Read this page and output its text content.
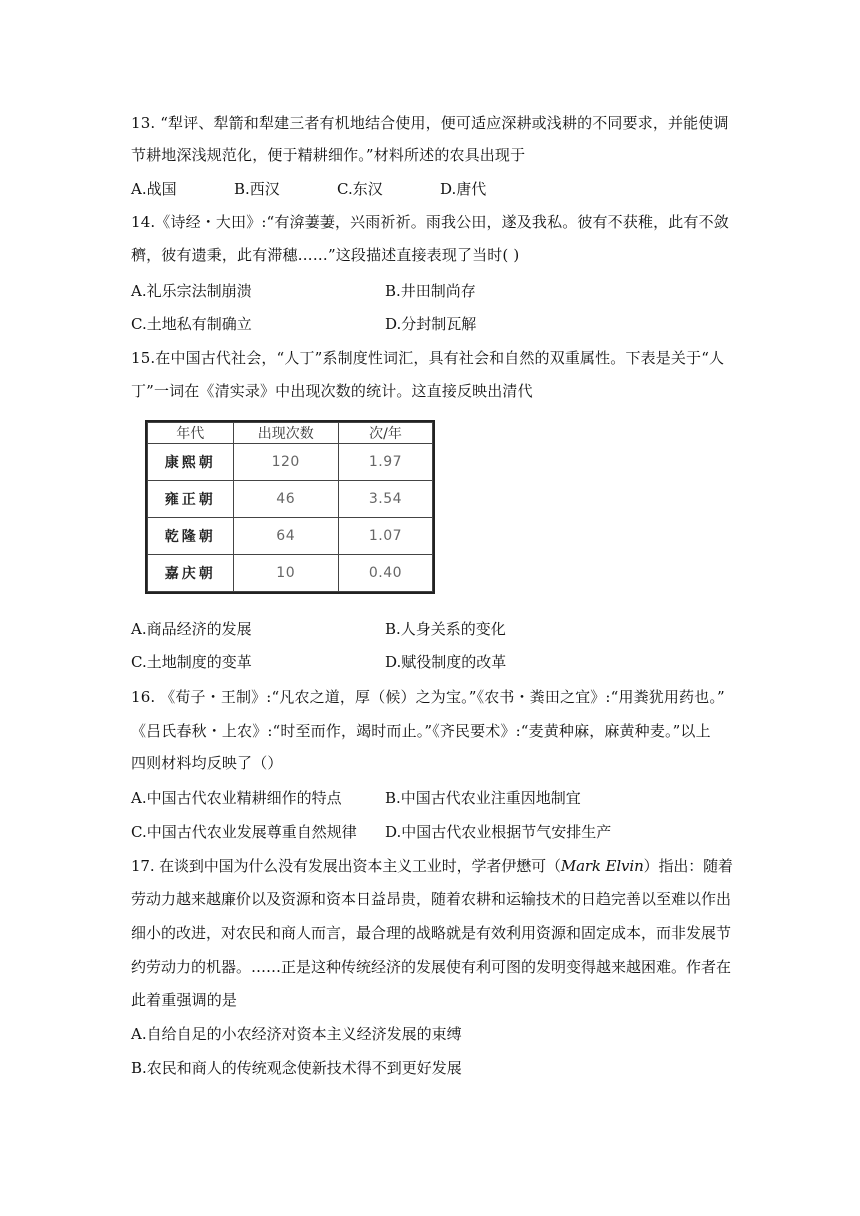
13. “犁评、犁箭和犁建三者有机地结合使用，便可适应深耕或浅耕的不同要求，并能使调
节耕地深浅规范化，便于精耕细作。”材料所述的农具出现于
A.战国	B.西汉	C.东汉	D.唐代
14.《诗经・大田》:“有渰萋萋，兴雨祈祈。雨我公田，遂及我私。彼有不获稚，此有不敛
穧，彼有遗秉，此有滞穗……”这段描述直接表现了当时( )
A.礼乐宗法制崩溃	B.井田制尚存
C.土地私有制确立	D.分封制瓦解
15.在中国古代社会，“人丁”系制度性词汇，具有社会和自然的双重属性。下表是关于“人
丁”一词在《清实录》中出现次数的统计。这直接反映出清代
年代	出现次数	次/年
康熙朝	120	1.97
雍正朝	46	3.54
乾隆朝	64	1.07
嘉庆朝	10	0.40
A.商品经济的发展	B.人身关系的变化
C.土地制度的变革	D.赋役制度的改革
16. 《荀子・王制》:“凡农之道，厚（候）之为宝。”《农书・粪田之宜》:“用粪犹用药也。”
《吕氏春秋・上农》:“时至而作，竭时而止。”《齐民要术》:“麦黄种麻，麻黄种麦。”以上
四则材料均反映了（）
A.中国古代农业精耕细作的特点	B.中国古代农业注重因地制宜
C.中国古代农业发展尊重自然规律 D.中国古代农业根据节气安排生产
17. 在谈到中国为什么没有发展出资本主义工业时，学者伊懋可（Mark Elvin）指出：随着
劳动力越来越廉价以及资源和资本日益昂贵，随着农耕和运输技术的日趋完善以至难以作出
细小的改进，对农民和商人而言，最合理的战略就是有效利用资源和固定成本，而非发展节
约劳动力的机器。……正是这种传统经济的发展使有利可图的发明变得越来越困难。作者在
此着重强调的是
A.自给自足的小农经济对资本主义经济发展的束缚
B.农民和商人的传统观念使新技术得不到更好发展
